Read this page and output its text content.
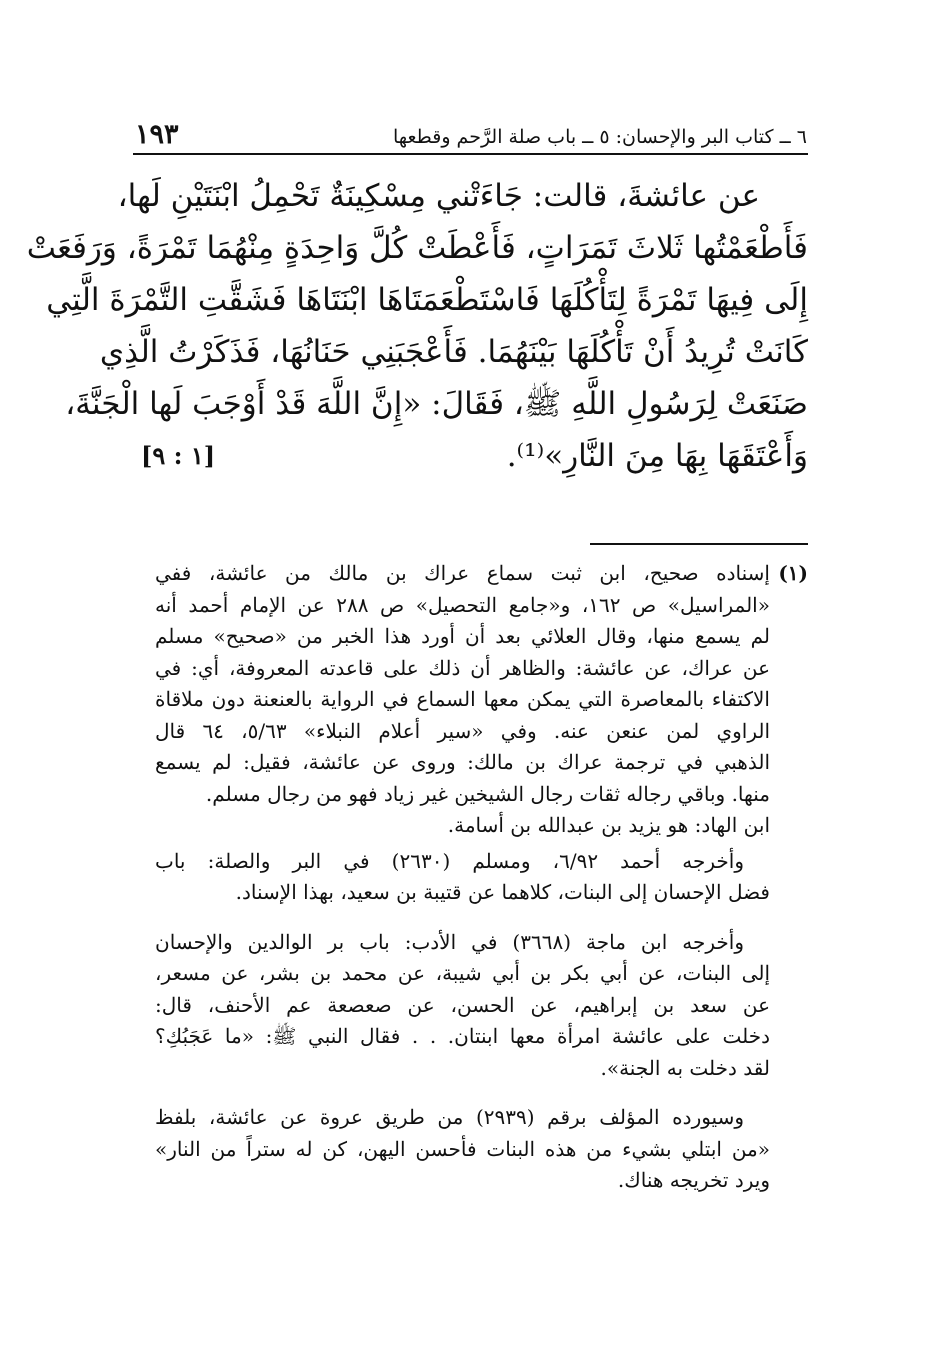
٦ ــ كتاب البر والإحسان: ٥ ــ باب صلة الرَّحم وقطعها
١٩٣
عن عائشةَ، قالت: جَاءَتْني مِسْكِينَةٌ تَحْمِلُ ابْنَتَيْنِ لَها،
فَأَطْعَمْتُها ثَلاثَ تَمَرَاتٍ، فَأَعْطَتْ كُلَّ وَاحِدَةٍ مِنْهُمَا تَمْرَةً، وَرَفَعَتْ
إِلَى فِيهَا تَمْرَةً لِتَأْكُلَهَا فَاسْتَطْعَمَتَاهَا ابْنَتَاهَا فَشَقَّتِ التَّمْرَةَ الَّتِي
كَانَتْ تُرِيدُ أَنْ تَأْكُلَهَا بَيْنَهُمَا. فَأَعْجَبَنِي حَنَانُهَا، فَذَكَرْتُ الَّذِي
صَنَعَتْ لِرَسُولِ اللَّهِ ﷺ، فَقَالَ: «إِنَّ اللَّهَ قَدْ أَوْجَبَ لَها الْجَنَّةَ،
وَأَعْتَقَهَا بِهَا مِنَ النَّارِ»⁽¹⁾.
[١ : ٩]
(١)
إسناده صحيح، ابن ثبت سماع عراك بن مالك من عائشة، ففي
«المراسيل» ص ١٦٢، و«جامع التحصيل» ص ٢٨٨ عن الإمام أحمد أنه
لم يسمع منها، وقال العلائي بعد أن أورد هذا الخبر من «صحيح» مسلم
عن عراك، عن عائشة: والظاهر أن ذلك على قاعدته المعروفة، أي: في
الاكتفاء بالمعاصرة التي يمكن معها السماع في الرواية بالعنعنة دون ملاقاة
الراوي لمن عنعن عنه. وفي «سير أعلام النبلاء» ٥/٦٣، ٦٤ قال
الذهبي في ترجمة عراك بن مالك: وروى عن عائشة، فقيل: لم يسمع
منها. وباقي رجاله ثقات رجال الشيخين غير زياد فهو من رجال مسلم.
ابن الهاد: هو يزيد بن عبدالله بن أسامة.
وأخرجه أحمد ٦/٩٢، ومسلم (٢٦٣٠) في البر والصلة: باب
فضل الإحسان إلى البنات، كلاهما عن قتيبة بن سعيد، بهذا الإسناد.
وأخرجه ابن ماجة (٣٦٦٨) في الأدب: باب بر الوالدين والإحسان
إلى البنات، عن أبي بكر بن أبي شيبة، عن محمد بن بشر، عن مسعر،
عن سعد بن إبراهيم، عن الحسن، عن صعصعة عم الأحنف، قال:
دخلت على عائشة امرأة معها ابنتان. . . فقال النبي ﷺ: «ما عَجَبُكِ؟
لقد دخلت به الجنة».
وسيورده المؤلف برقم (٢٩٣٩) من طريق عروة عن عائشة، بلفظ
«من ابتلي بشيء من هذه البنات فأحسن اليهن، كن له ستراً من النار»
ويرد تخريجه هناك.
